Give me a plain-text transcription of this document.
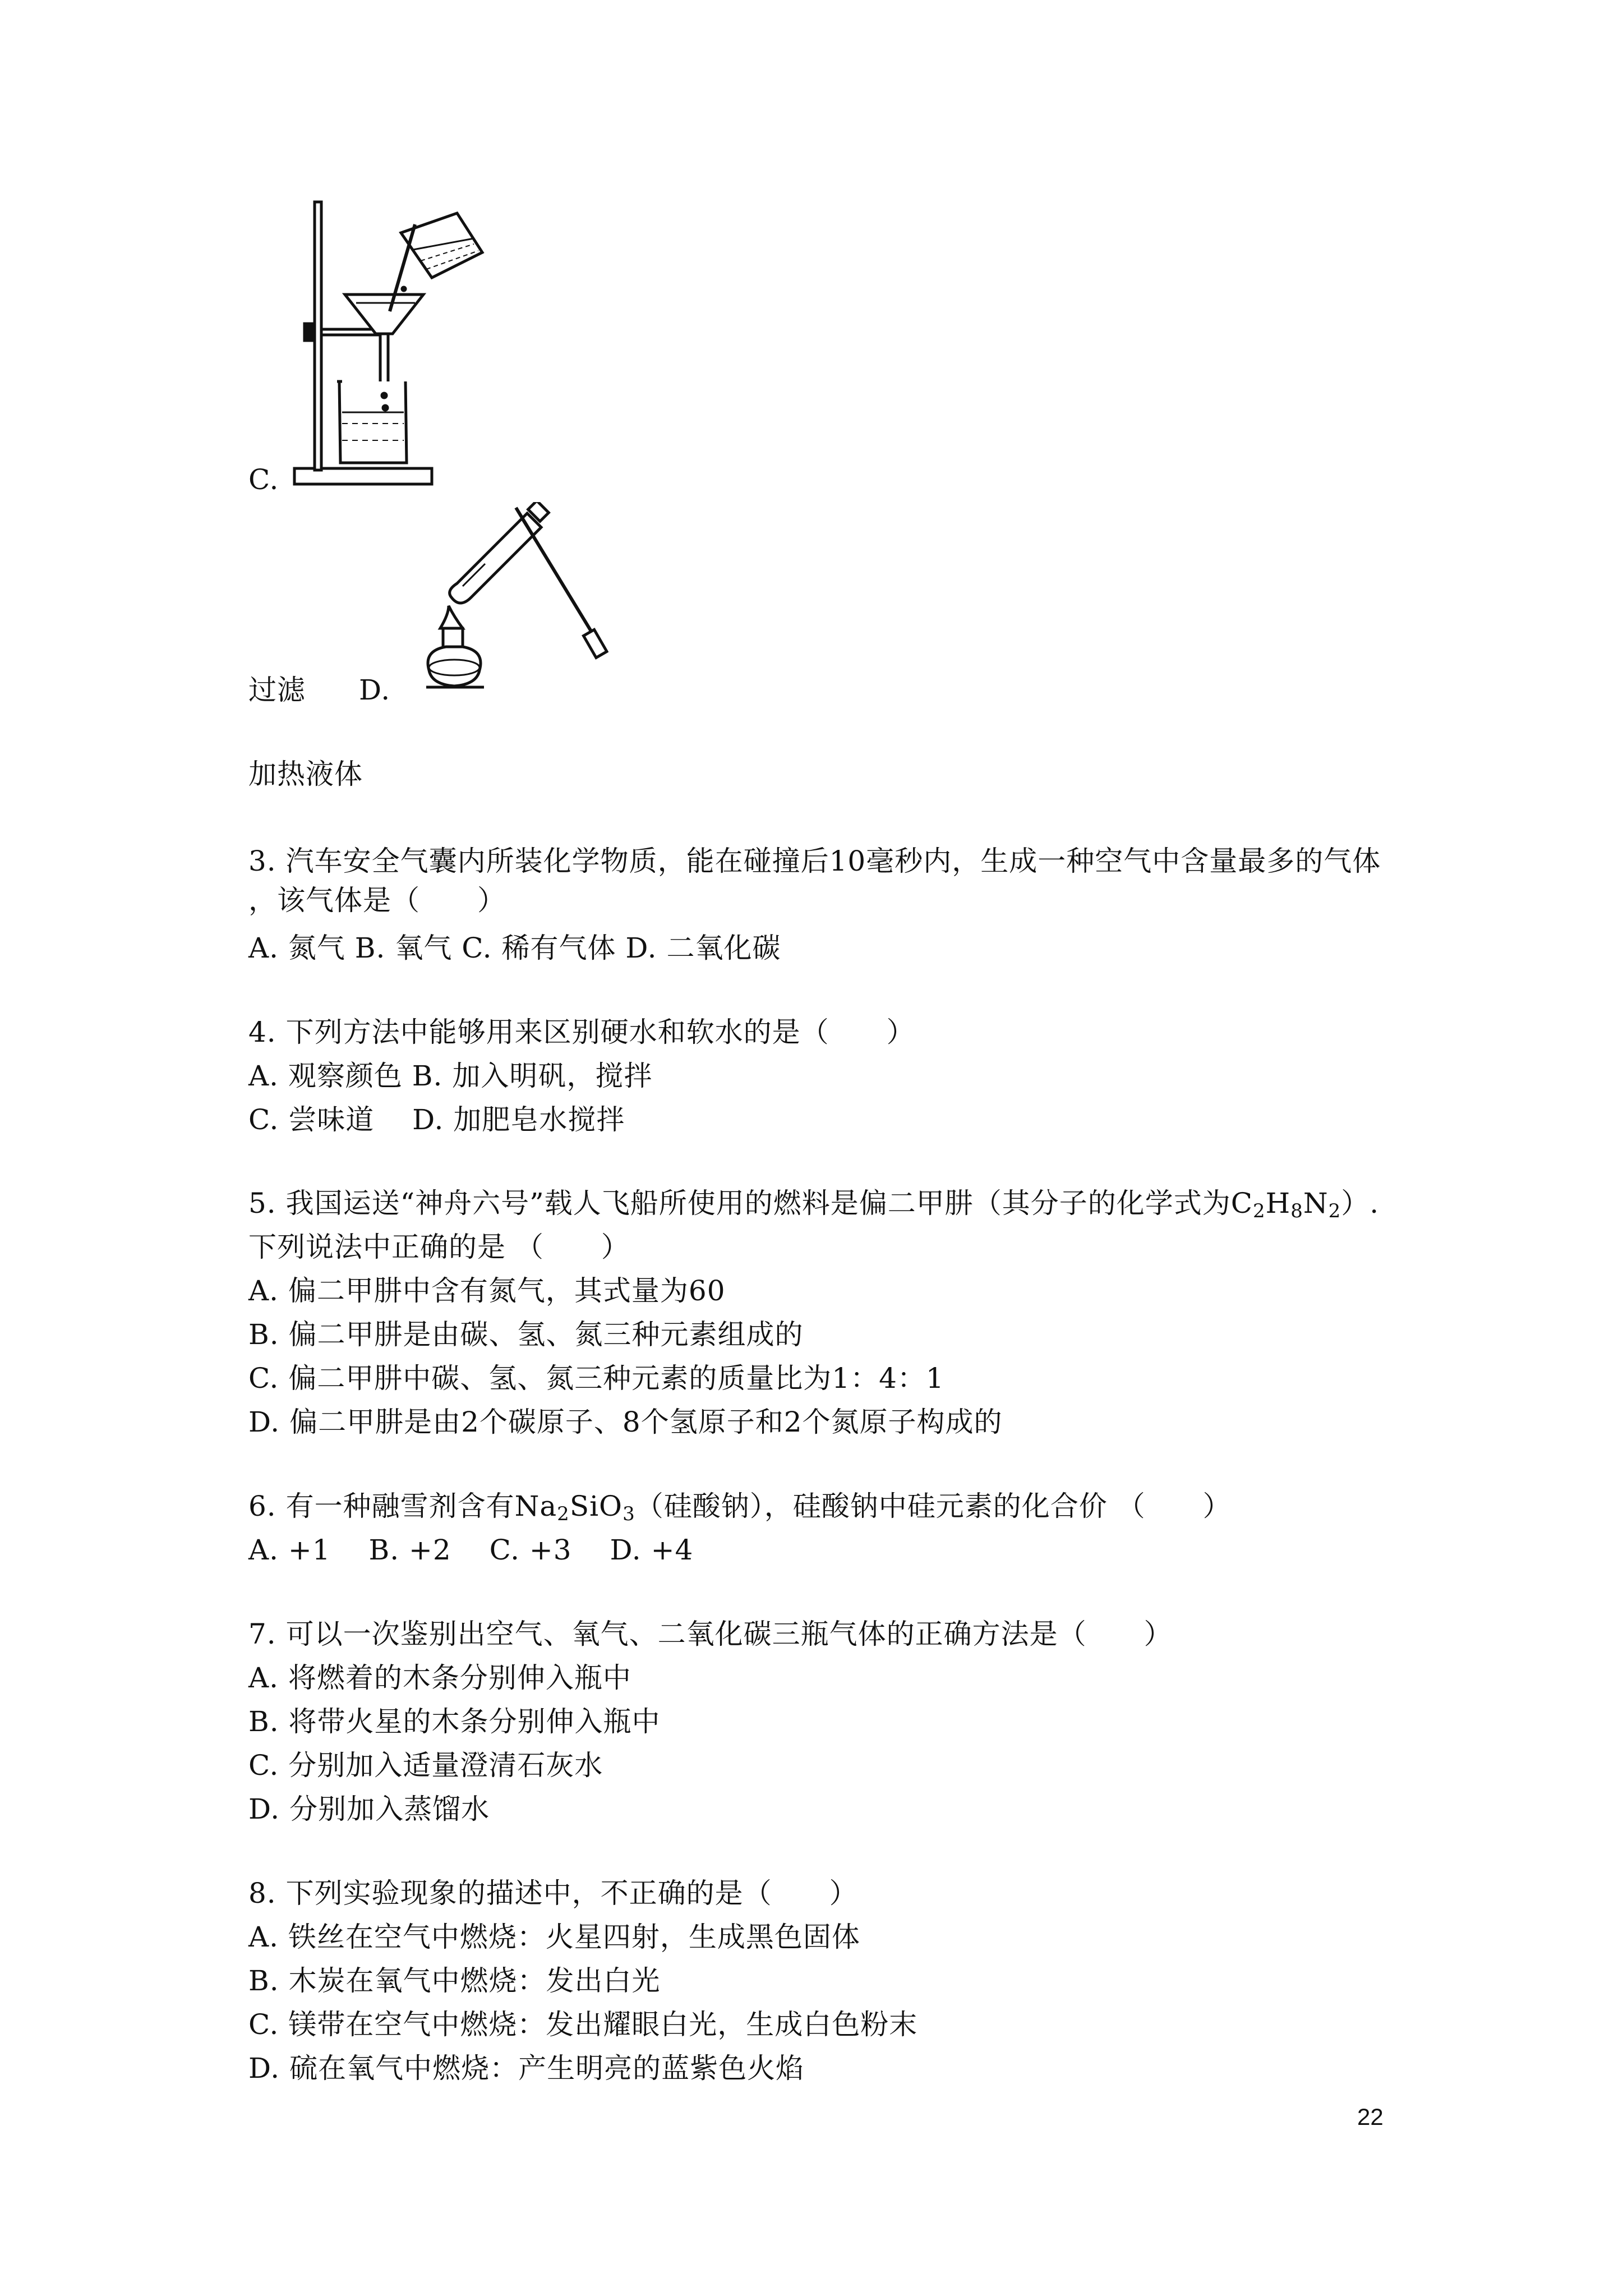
C.
过滤 D.
加热液体
3. 汽车安全气囊内所装化学物质，能在碰撞后10毫秒内，生成一种空气中含量最多的气体
，该气体是（　　）
A. 氮气 B. 氧气 C. 稀有气体 D. 二氧化碳
4. 下列方法中能够用来区别硬水和软水的是（　　）
A. 观察颜色 B. 加入明矾，搅拌
C. 尝味道　 D. 加肥皂水搅拌
5. 我国运送“神舟六号”载人飞船所使用的燃料是偏二甲肼（其分子的化学式为$C_2H_8N_2$）.
下列说法中正确的是 （　　）
A. 偏二甲肼中含有氮气，其式量为60
B. 偏二甲肼是由碳、氢、氮三种元素组成的
C. 偏二甲肼中碳、氢、氮三种元素的质量比为1：4：1
D. 偏二甲肼是由2个碳原子、8个氢原子和2个氮原子构成的
6. 有一种融雪剂含有$Na_2SiO_3$（硅酸钠），硅酸钠中硅元素的化合价 （　　）
A. +1　 B. +2　 C. +3　 D. +4
7. 可以一次鉴别出空气、氧气、二氧化碳三瓶气体的正确方法是（　　）
A. 将燃着的木条分别伸入瓶中
B. 将带火星的木条分别伸入瓶中
C. 分别加入适量澄清石灰水
D. 分别加入蒸馏水
8. 下列实验现象的描述中，不正确的是（　　）
A. 铁丝在空气中燃烧：火星四射，生成黑色固体
B. 木炭在氧气中燃烧：发出白光
C. 镁带在空气中燃烧：发出耀眼白光，生成白色粉末
D. 硫在氧气中燃烧：产生明亮的蓝紫色火焰
22
